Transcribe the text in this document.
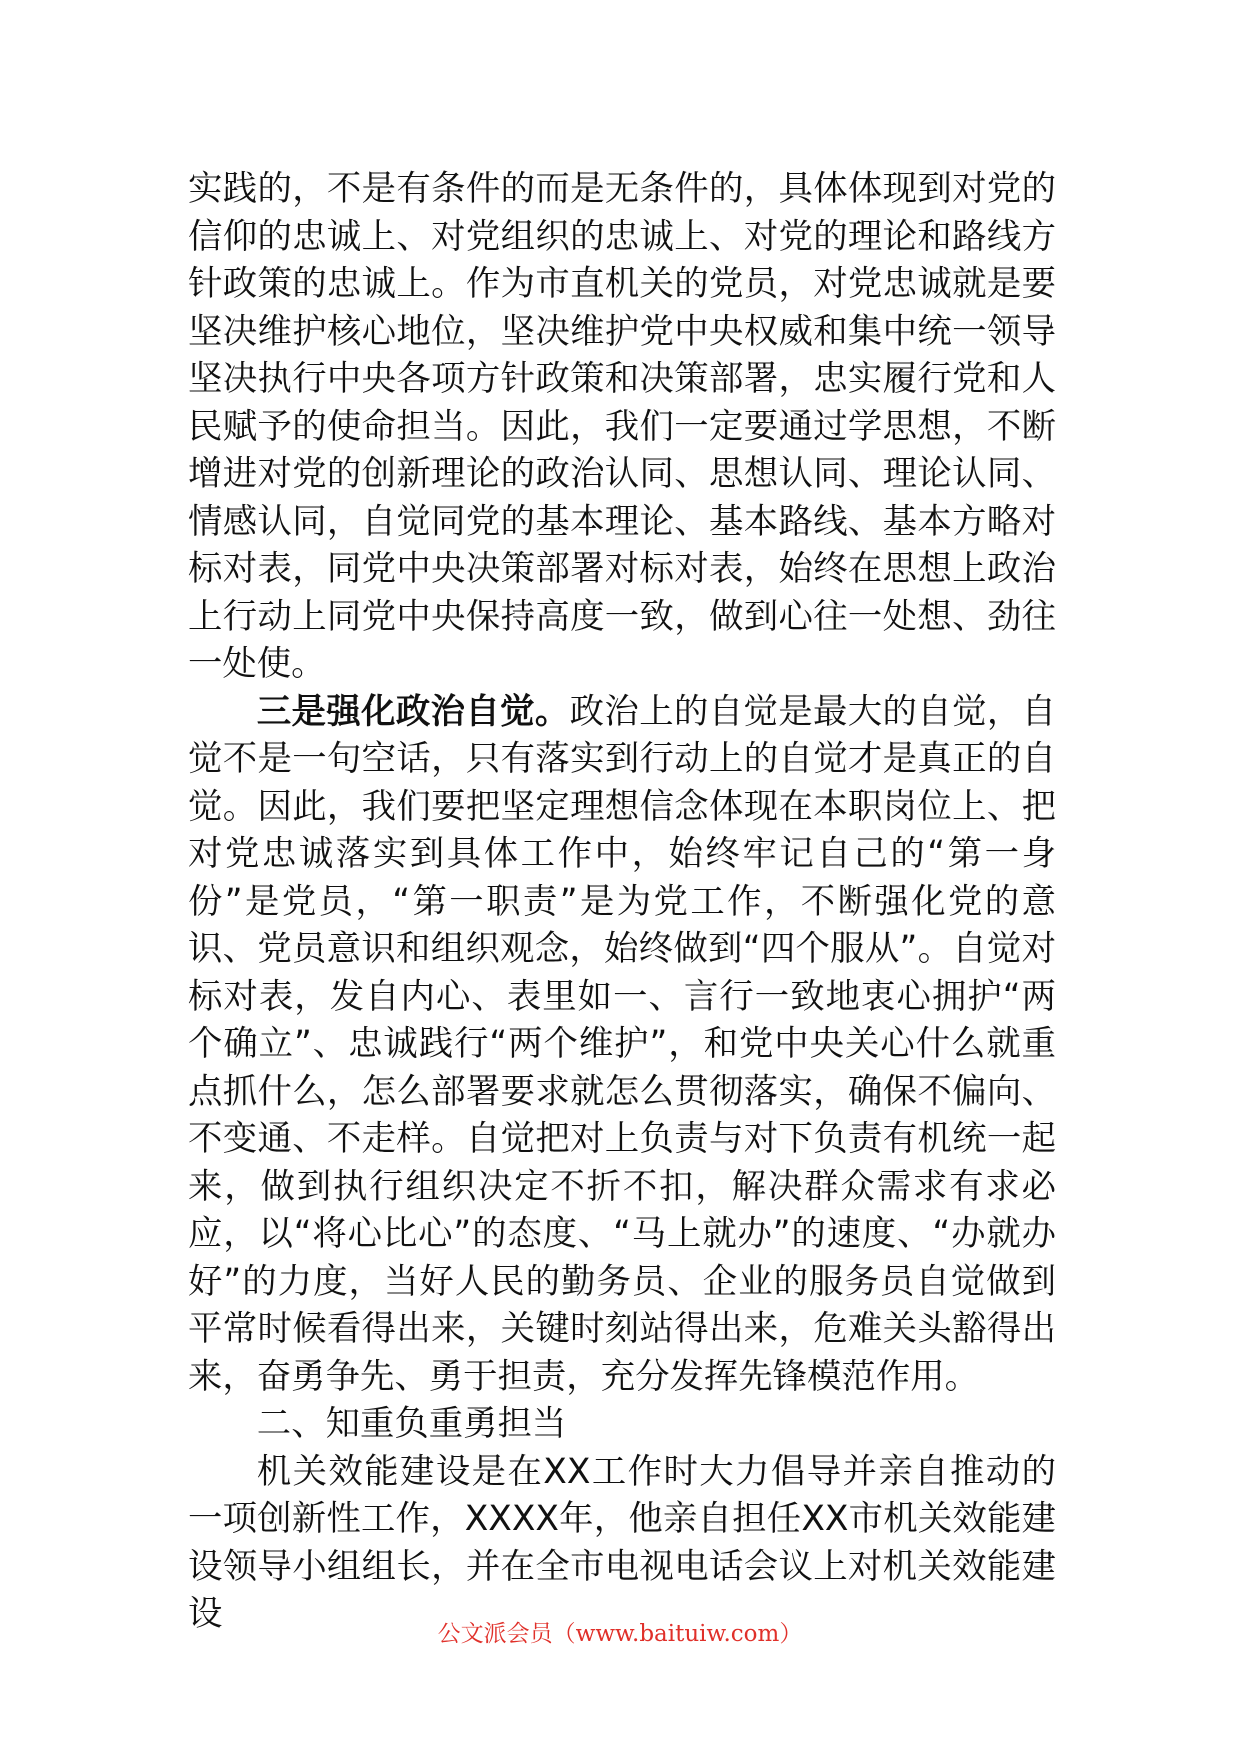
实践的，不是有条件的而是无条件的，具体体现到对党的信仰的忠诚上、对党组织的忠诚上、对党的理论和路线方针政策的忠诚上。作为市直机关的党员，对党忠诚就是要坚决维护核心地位，坚决维护党中央权威和集中统一领导坚决执行中央各项方针政策和决策部署，忠实履行党和人民赋予的使命担当。因此，我们一定要通过学思想，不断增进对党的创新理论的政治认同、思想认同、理论认同、情感认同，自觉同党的基本理论、基本路线、基本方略对标对表，同党中央决策部署对标对表，始终在思想上政治上行动上同党中央保持高度一致，做到心往一处想、劲往一处使。

三是强化政治自觉。政治上的自觉是最大的自觉，自觉不是一句空话，只有落实到行动上的自觉才是真正的自觉。因此，我们要把坚定理想信念体现在本职岗位上、把对党忠诚落实到具体工作中，始终牢记自己的“第一身份”是党员，“第一职责”是为党工作，不断强化党的意识、党员意识和组织观念，始终做到“四个服从”。自觉对标对表，发自内心、表里如一、言行一致地衷心拥护“两个确立”、忠诚践行“两个维护”，和党中央关心什么就重点抓什么，怎么部署要求就怎么贯彻落实，确保不偏向、不变通、不走样。自觉把对上负责与对下负责有机统一起来，做到执行组织决定不折不扣，解决群众需求有求必应，以“将心比心”的态度、“马上就办”的速度、“办就办好”的力度，当好人民的勤务员、企业的服务员自觉做到平常时候看得出来，关键时刻站得出来，危难关头豁得出来，奋勇争先、勇于担责，充分发挥先锋模范作用。

二、知重负重勇担当

机关效能建设是在XX工作时大力倡导并亲自推动的一项创新性工作，XXXX年，他亲自担任XX市机关效能建设领导小组组长，并在全市电视电话会议上对机关效能建设	公文派会员（www.baituiw.com）
